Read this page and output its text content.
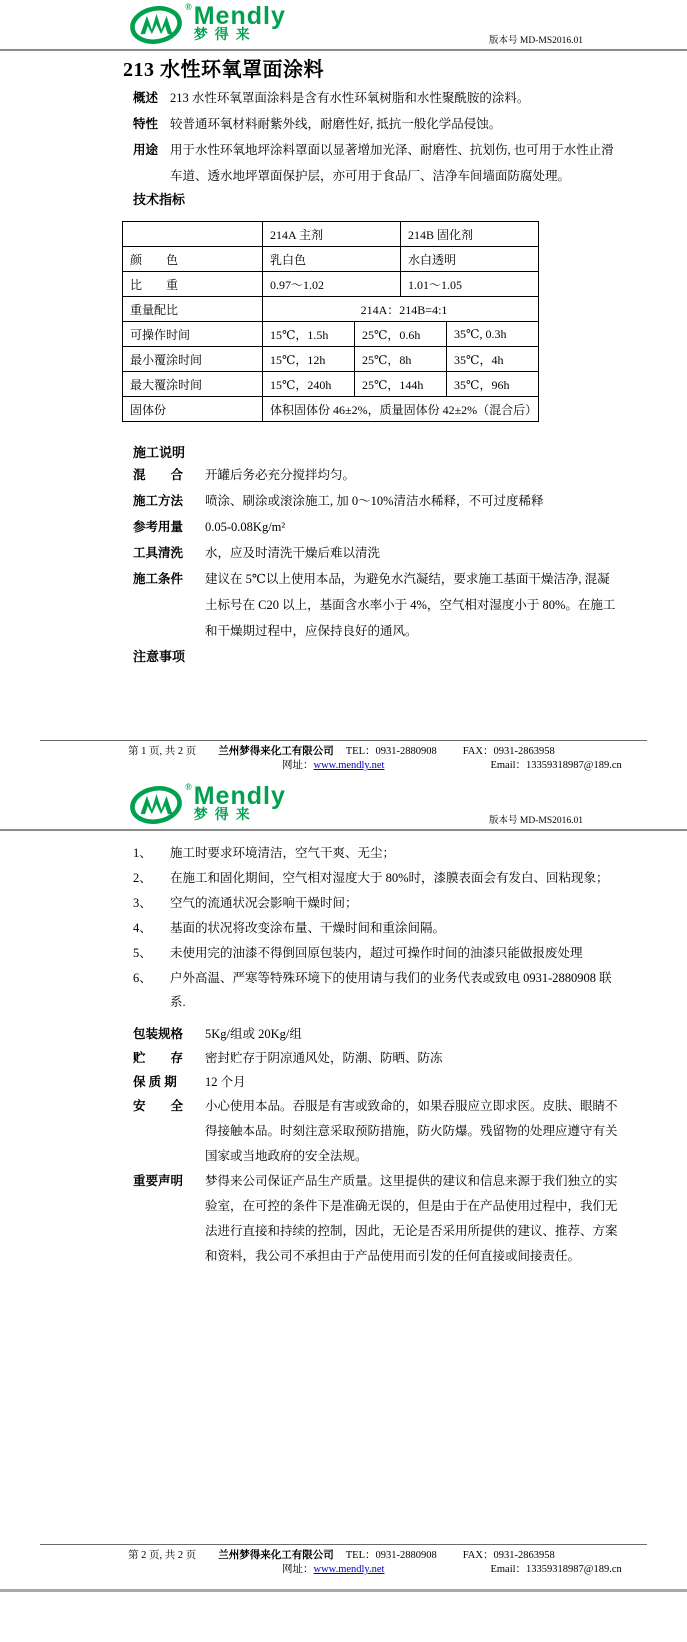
® Mendly
梦得来	版本号 MD-MS2016.01
213 水性环氧罩面涂料
概述 213 水性环氧罩面涂料是含有水性环氧树脂和水性聚酰胺的涂料。
特性 较普通环氧材料耐紫外线，耐磨性好, 抵抗一般化学品侵蚀。
用途 用于水性环氧地坪涂料罩面以显著增加光泽、耐磨性、抗划伤, 也可用于水性止滑车道、透水地坪罩面保护层，亦可用于食品厂、洁净车间墙面防腐处理。
技术指标
	214A 主剂		214B 固化剂	
颜　　色	乳白色		水白透明	
比　　重	0.97～1.02		1.01～1.05	
重量配比	214A：214B=4:1			
可操作时间	15℃，1.5h	25℃，0.6h		35℃, 0.3h
最小覆涂时间	15℃，12h	25℃，8h		35℃，4h
最大覆涂时间	15℃，240h	25℃，144h		35℃，96h
固体份	体积固体份 46±2%，质量固体份 42±2%（混合后）			
施工说明
混　　合	开罐后务必充分搅拌均匀。
施工方法	喷涂、刷涂或滚涂施工, 加 0～10%清洁水稀释，不可过度稀释
参考用量	0.05-0.08Kg/m²
工具清洗	水，应及时清洗干燥后难以清洗
施工条件	建议在 5℃以上使用本品，为避免水汽凝结，要求施工基面干燥洁净, 混凝土标号在 C20 以上，基面含水率小于 4%，空气相对湿度小于 80%。在施工和干燥期过程中，应保持良好的通风。
注意事项
第 1 页, 共 2 页 兰州梦得来化工有限公司 TEL：0931-2880908 FAX：0931-2863958
网址： www.mendly.net	Email：13359318987@189.cn
® Mendly
梦得来	版本号 MD-MS2016.01
1、	施工时要求环境清洁，空气干爽、无尘；
2、	在施工和固化期间，空气相对湿度大于 80%时，漆膜表面会有发白、回粘现象；
3、	空气的流通状况会影响干燥时间；
4、	基面的状况将改变涂布量、干燥时间和重涂间隔。
5、	未使用完的油漆不得倒回原包装内，超过可操作时间的油漆只能做报废处理
6、	户外高温、严寒等特殊环境下的使用请与我们的业务代表或致电 0931-2880908 联系.
包装规格	5Kg/组或 20Kg/组
贮　　存	密封贮存于阴凉通风处，防潮、防晒、防冻
保 质 期	12 个月
安　　全	小心使用本品。吞服是有害或致命的，如果吞服应立即求医。皮肤、眼睛不得接触本品。时刻注意采取预防措施，防火防爆。残留物的处理应遵守有关国家或当地政府的安全法规。
重要声明	梦得来公司保证产品生产质量。这里提供的建议和信息来源于我们独立的实验室，在可控的条件下是准确无误的，但是由于在产品使用过程中，我们无法进行直接和持续的控制，因此，无论是否采用所提供的建议、推荐、方案和资料，我公司不承担由于产品使用而引发的任何直接或间接责任。
第 2 页, 共 2 页 兰州梦得来化工有限公司 TEL：0931-2880908 FAX：0931-2863958
网址： www.mendly.net	Email：13359318987@189.cn
